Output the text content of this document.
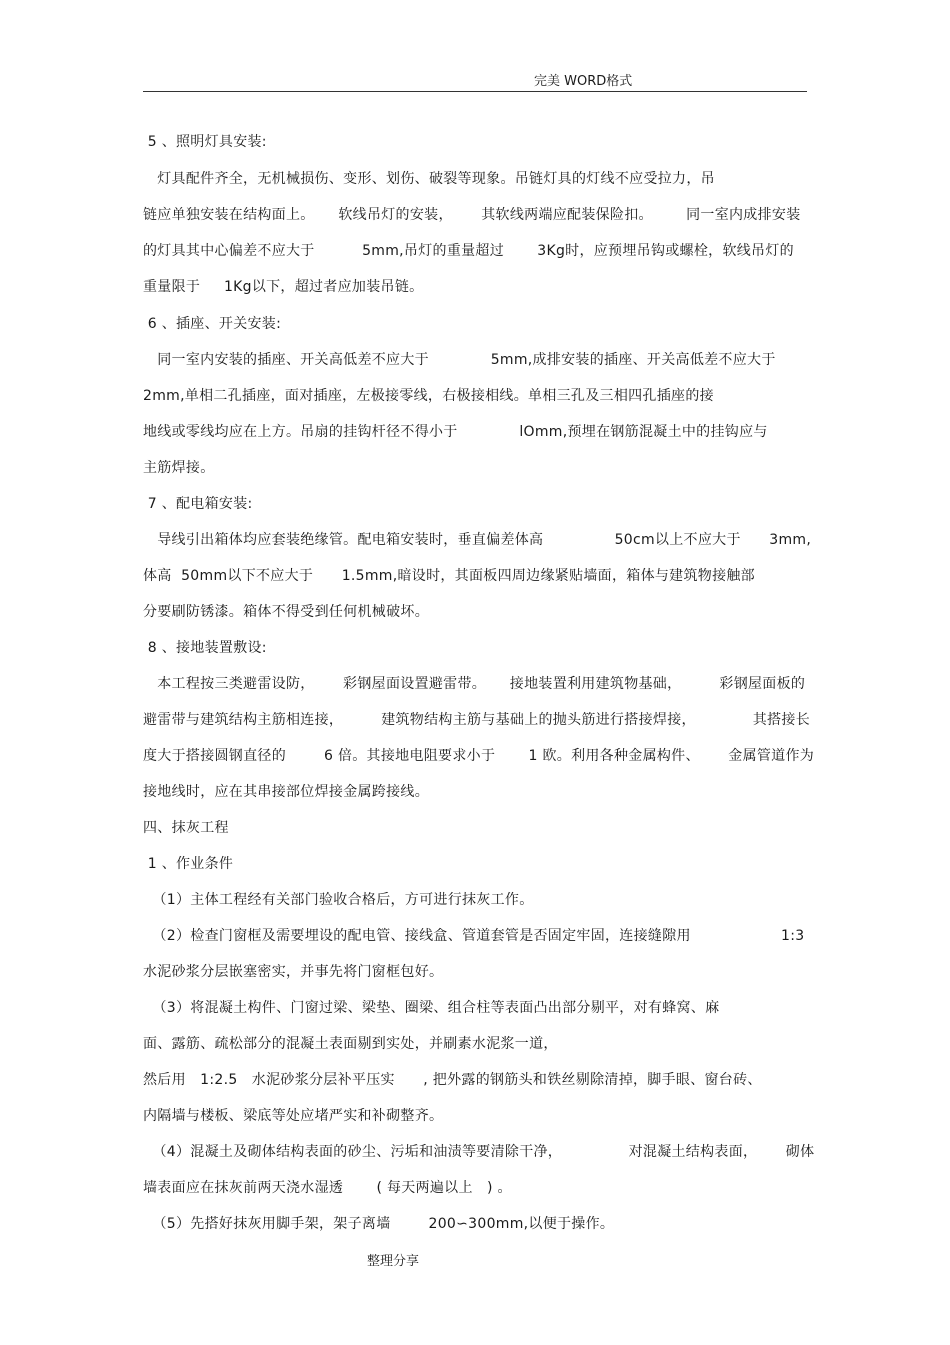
完美 WORD格式
5 、照明灯具安装:
灯具配件齐全，无机械损伤、变形、划伤、破裂等现象。吊链灯具的灯线不应受拉力，吊
链应单独安装在结构面上。     软线吊灯的安装，      其软线两端应配装保险扣。       同一室内成排安装
的灯具其中心偏差不应大于          5mm,吊灯的重量超过       3Kg时，应预埋吊钩或螺栓，软线吊灯的
重量限于     1Kg以下，超过者应加装吊链。
6 、插座、开关安装:
同一室内安装的插座、开关高低差不应大于             5mm,成排安装的插座、开关高低差不应大于
2mm,单相二孔插座，面对插座，左极接零线，右极接相线。单相三孔及三相四孔插座的接
地线或零线均应在上方。吊扇的挂钩杆径不得小于             lOmm,预埋在钢筋混凝土中的挂钩应与
主筋焊接。
7 、配电箱安装:
导线引出箱体均应套装绝缘管。配电箱安装时，垂直偏差体高               50cm以上不应大于      3mm,
体高  50mm以下不应大于      1.5mm,暗设时，其面板四周边缘紧贴墙面，箱体与建筑物接触部
分要刷防锈漆。箱体不得受到任何机械破坏。
8 、接地装置敷设:
本工程按三类避雷设防，      彩钢屋面设置避雷带。     接地装置利用建筑物基础，        彩钢屋面板的
避雷带与建筑结构主筋相连接，        建筑物结构主筋与基础上的抛头筋进行搭接焊接，            其搭接长
度大于搭接圆钢直径的        6 倍。其接地电阻要求小于       1 欧。利用各种金属构件、      金属管道作为
接地线时，应在其串接部位焊接金属跨接线。
四、抹灰工程
1 、作业条件
（1）主体工程经有关部门验收合格后，方可进行抹灰工作。
（2）检查门窗框及需要埋设的配电管、接线盒、管道套管是否固定牢固，连接缝隙用                   1:3
水泥砂浆分层嵌塞密实，并事先将门窗框包好。
（3）将混凝土构件、门窗过梁、梁垫、圈梁、组合柱等表面凸出部分剔平，对有蜂窝、麻
面、露筋、疏松部分的混凝土表面剔到实处，并刷素水泥浆一道，
然后用   1:2.5   水泥砂浆分层补平压实      , 把外露的钢筋头和铁丝剔除清掉，脚手眼、窗台砖、
内隔墙与楼板、梁底等处应堵严实和补砌整齐。
（4）混凝土及砌体结构表面的砂尘、污垢和油渍等要清除干净，              对混凝土结构表面，      砌体
墙表面应在抹灰前两天浇水湿透       ( 每天两遍以上   ) 。
（5）先搭好抹灰用脚手架，架子离墙        200∽300mm,以便于操作。
整理分享
